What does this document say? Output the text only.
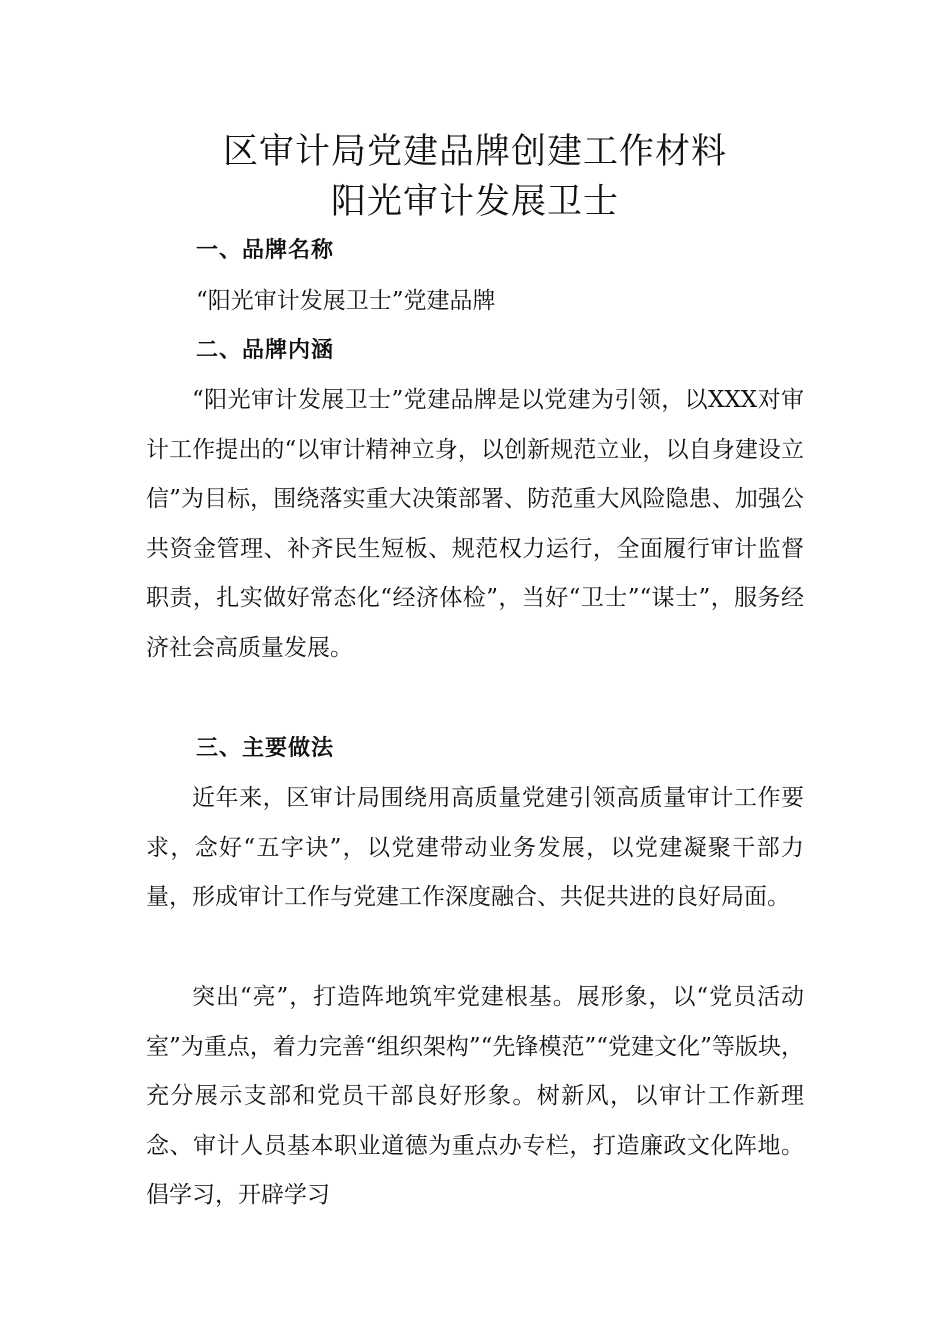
区审计局党建品牌创建工作材料
阳光审计发展卫士
一、品牌名称

“阳光审计发展卫士”党建品牌

二、品牌内涵

“阳光审计发展卫士”党建品牌是以党建为引领，以XXX对审计工作提出的“以审计精神立身，以创新规范立业，以自身建设立信”为目标，围绕落实重大决策部署、防范重大风险隐患、加强公共资金管理、补齐民生短板、规范权力运行，全面履行审计监督职责，扎实做好常态化“经济体检”，当好“卫士”“谋士”，服务经济社会高质量发展。

三、主要做法

近年来，区审计局围绕用高质量党建引领高质量审计工作要求，念好“五字诀”，以党建带动业务发展，以党建凝聚干部力量，形成审计工作与党建工作深度融合、共促共进的良好局面。

突出“亮”，打造阵地筑牢党建根基。展形象，以“党员活动室”为重点，着力完善“组织架构”“先锋模范”“党建文化”等版块，充分展示支部和党员干部良好形象。树新风，以审计工作新理念、审计人员基本职业道德为重点办专栏，打造廉政文化阵地。倡学习，开辟学习
